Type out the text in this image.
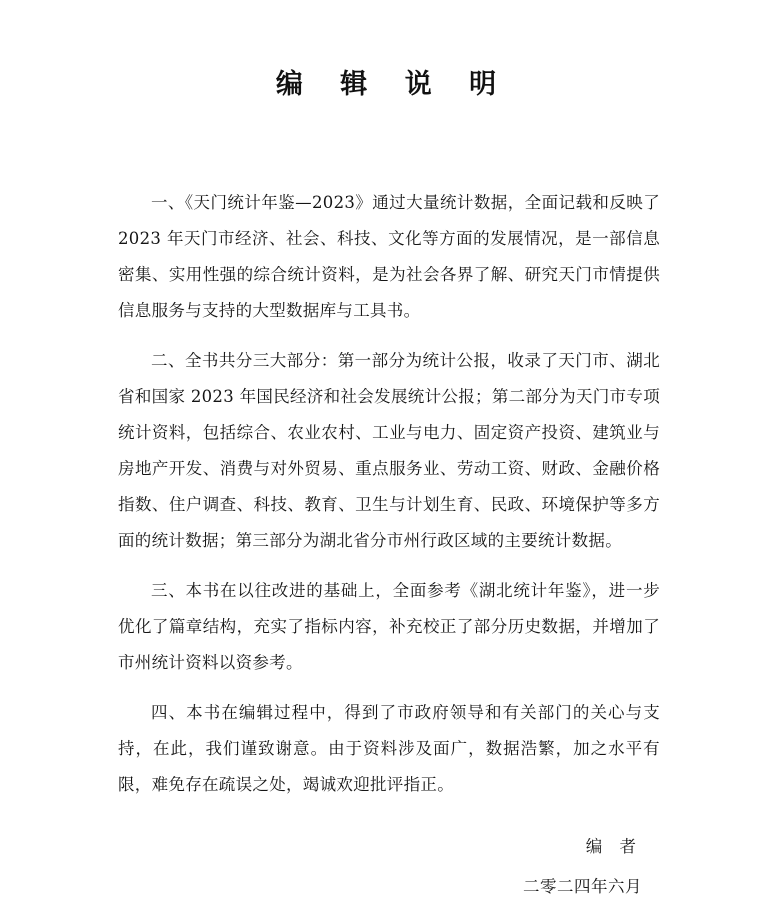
编 辑 说 明

一、《天门统计年鉴—2023》通过大量统计数据，全面记载和反映了2023 年天门市经济、社会、科技、文化等方面的发展情况，是一部信息密集、实用性强的综合统计资料，是为社会各界了解、研究天门市情提供信息服务与支持的大型数据库与工具书。

二、全书共分三大部分：第一部分为统计公报，收录了天门市、湖北省和国家 2023 年国民经济和社会发展统计公报；第二部分为天门市专项统计资料，包括综合、农业农村、工业与电力、固定资产投资、建筑业与房地产开发、消费与对外贸易、重点服务业、劳动工资、财政、金融价格指数、住户调查、科技、教育、卫生与计划生育、民政、环境保护等多方面的统计数据；第三部分为湖北省分市州行政区域的主要统计数据。

三、本书在以往改进的基础上，全面参考《湖北统计年鉴》，进一步优化了篇章结构，充实了指标内容，补充校正了部分历史数据，并增加了市州统计资料以资参考。

四、本书在编辑过程中，得到了市政府领导和有关部门的关心与支持，在此，我们谨致谢意。由于资料涉及面广，数据浩繁，加之水平有限，难免存在疏误之处，竭诚欢迎批评指正。

编 者
二零二四年六月
